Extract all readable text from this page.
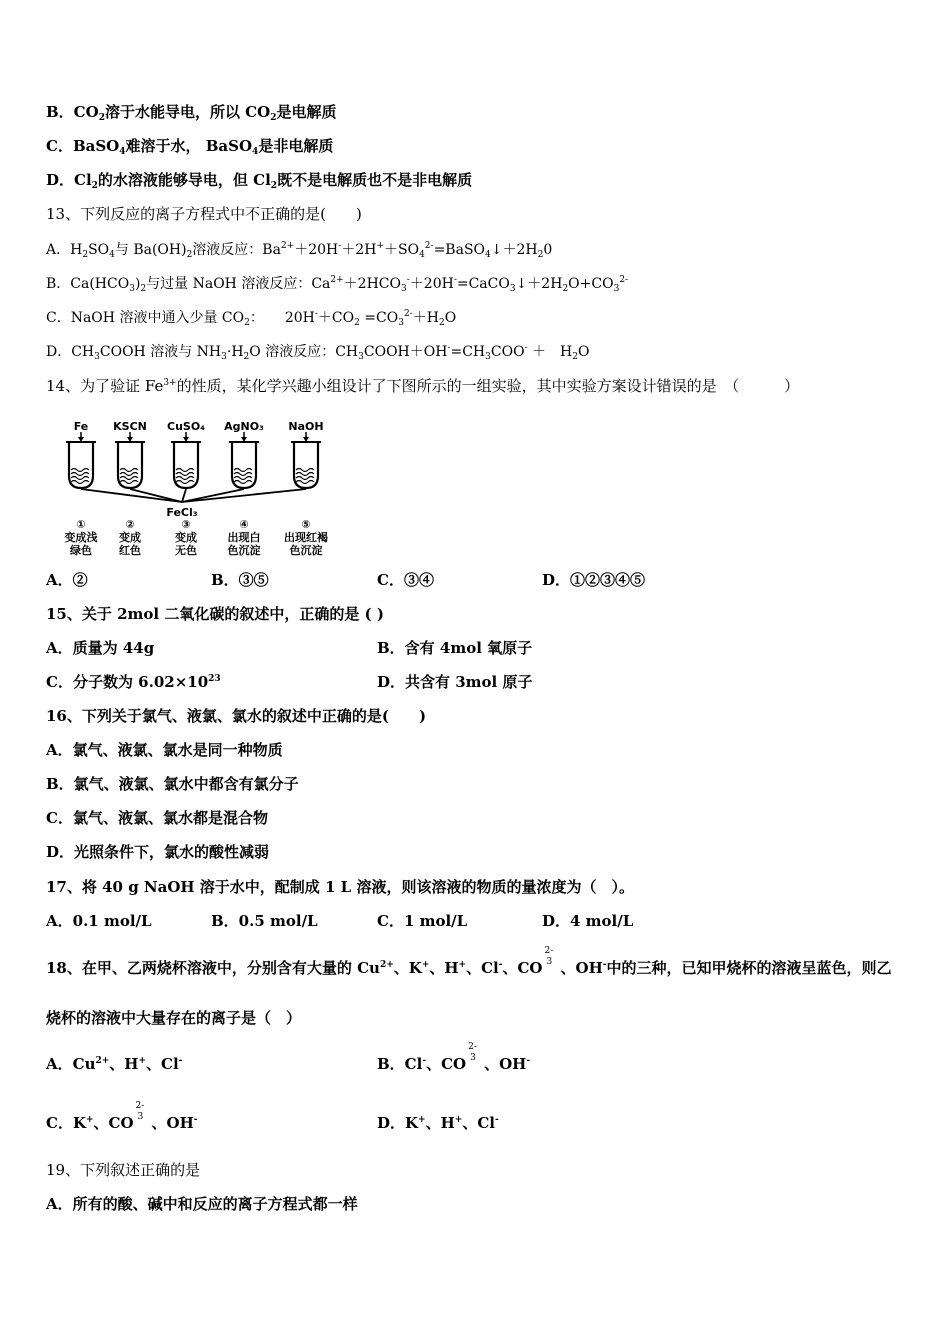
B．$CO_2$溶于水能导电，所以 $CO_2$是电解质
C．BaSO$_4$难溶于水， BaSO$_4$是非电解质
D．$Cl_2$的水溶液能够导电，但 $Cl_2$既不是电解质也不是非电解质
13、下列反应的离子方程式中不正确的是(　　)
A．$H_2SO_4$与 $Ba(OH)_2$溶液反应：$Ba^{2+}+20H^-+2H^++SO_4^{2-}=BaSO_4↓+2H_20$
B．$Ca(HCO_3)_2$与过量 NaOH 溶液反应：$Ca^{2+}+2HCO_3^-+20H^-=CaCO_3↓+2H_2O+CO_3^{2-}$
C．NaOH 溶液中通入少量 $CO_2$：　　$20H^-+CO_2 =CO_3^{2-}+H_2O$
D．$CH_3COOH$ 溶液与 $NH_3\cdot H_2O$ 溶液反应：$CH_3COOH+OH^-=CH_3COO^-$ ＋　$H_2O$
14、为了验证 $Fe^{3+}$的性质，某化学兴趣小组设计了下图所示的一组实验，其中实验方案设计错误的是　（　　　）
Fe KSCN CuSO₄ AgNO₃ NaOH
FeCl₃
①
变成浅
绿色
②
变成
红色
③
变成
无色
④
出现白
色沉淀
⑤
出现红褐
色沉淀
A．②	B．③⑤	C．③④	D．①②③④⑤
15、关于 2mol 二氧化碳的叙述中，正确的是 ( )
A．质量为 44g	B．含有 4mol 氧原子
C．分子数为 $6.02\times 10^{23}$	D．共含有 3mol 原子
16、下列关于氯气、液氯、氯水的叙述中正确的是(　　)
A．氯气、液氯、氯水是同一种物质
B．氯气、液氯、氯水中都含有氯分子
C．氯气、液氯、氯水都是混合物
D．光照条件下，氯水的酸性减弱
17、将 40 g NaOH 溶于水中，配制成 1 L 溶液，则该溶液的物质的量浓度为（　）。
A．0.1 mol/L	B．0.5 mol/L	C．1 mol/L	D．4 mol/L
18、在甲、乙两烧杯溶液中，分别含有大量的 $Cu^{2+}$、K+、H+、Cl-、CO
2-
3 、OH-中的三种，已知甲烧杯的溶液呈蓝色，则乙
烧杯的溶液中大量存在的离子是（　）
A．$Cu^{2+}$、H+、Cl-	B．Cl-、CO
2-
3 、OH-
C．K+、CO
2-
3 、OH-	D．K+、H+、Cl-
19、下列叙述正确的是
A．所有的酸、碱中和反应的离子方程式都一样
